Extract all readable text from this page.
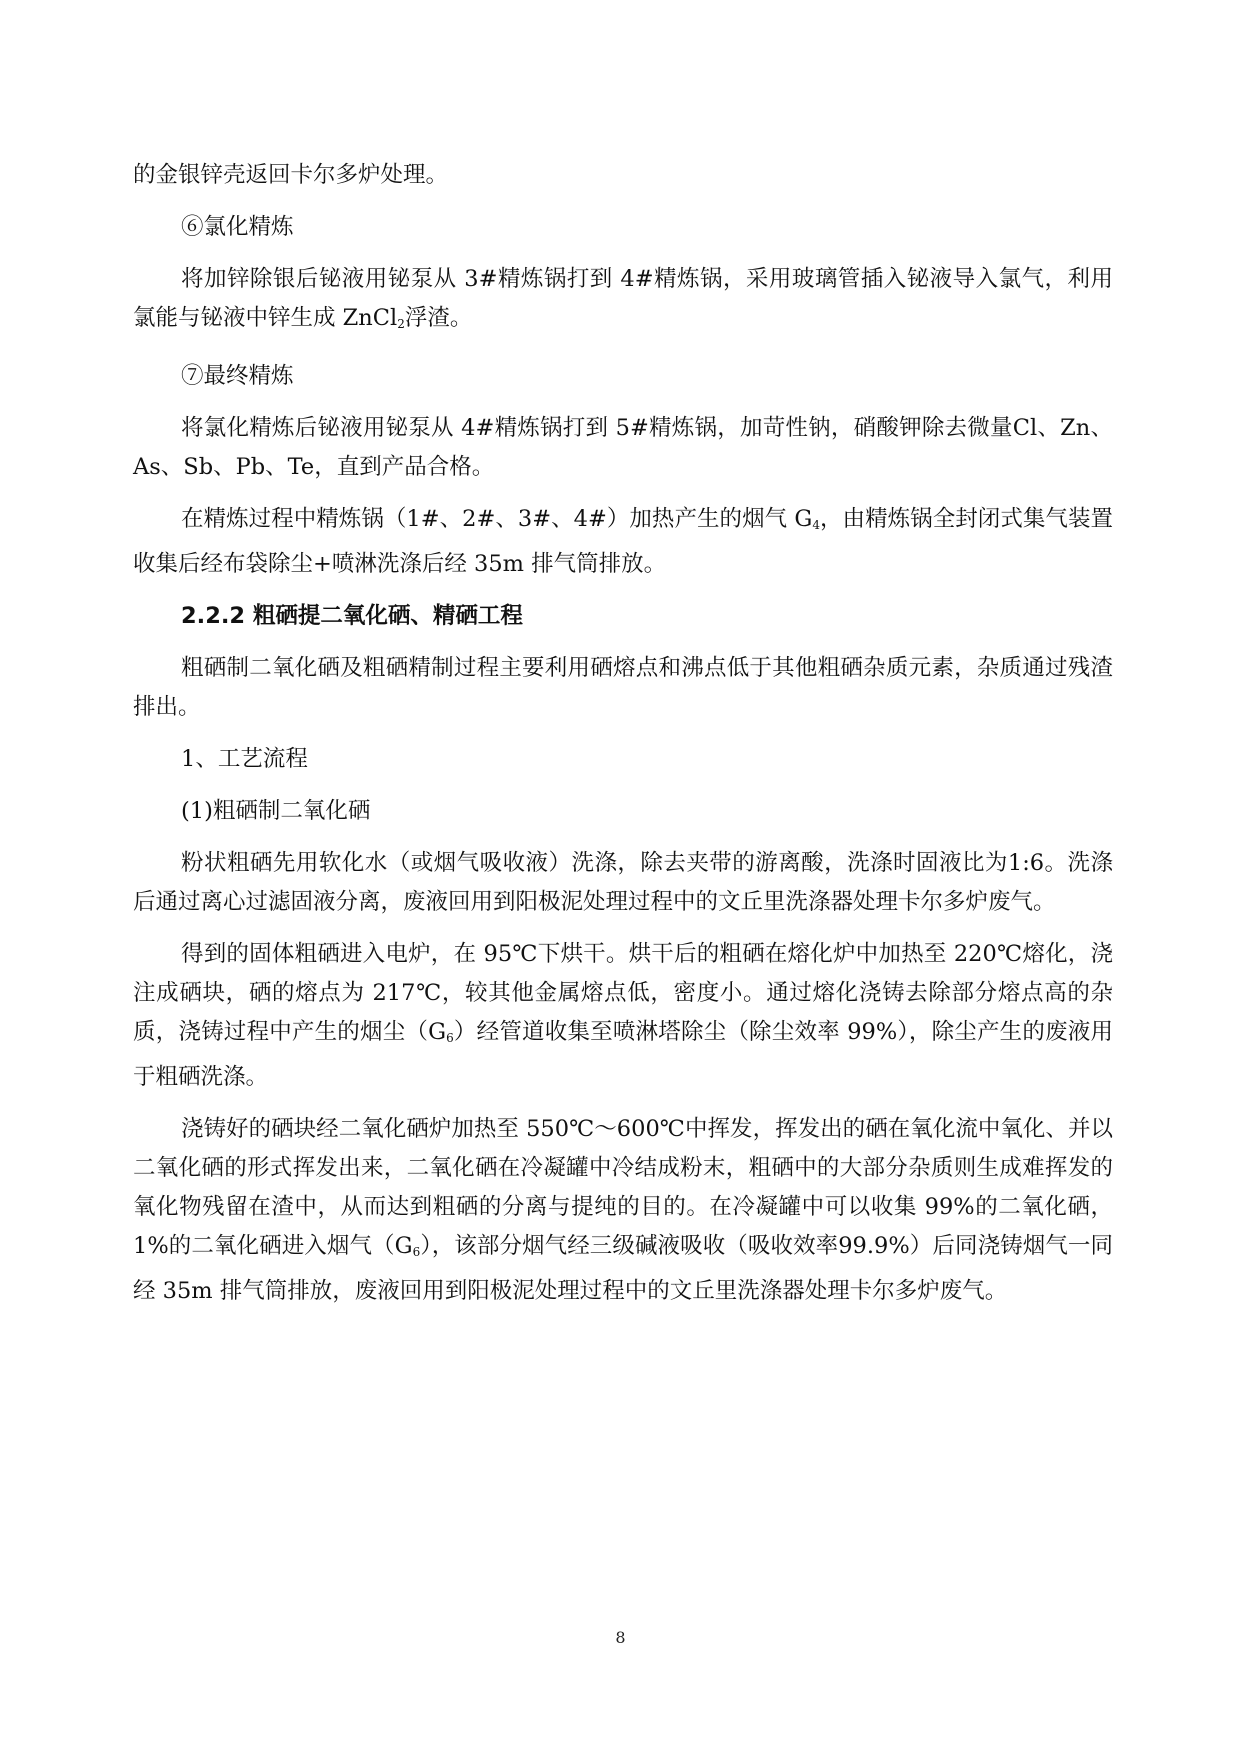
的金银锌壳返回卡尔多炉处理。

⑥氯化精炼

将加锌除银后铋液用铋泵从 3#精炼锅打到 4#精炼锅，采用玻璃管插入铋液导入氯气，利用氯能与铋液中锌生成 ZnCl$_2$浮渣。

⑦最终精炼

将氯化精炼后铋液用铋泵从 4#精炼锅打到 5#精炼锅，加苛性钠，硝酸钾除去微量Cl、Zn、As、Sb、Pb、Te，直到产品合格。

在精炼过程中精炼锅（1#、2#、3#、4#）加热产生的烟气 $G_4$，由精炼锅全封闭式集气装置收集后经布袋除尘+喷淋洗涤后经 35m 排气筒排放。

2.2.2 粗硒提二氧化硒、精硒工程

粗硒制二氧化硒及粗硒精制过程主要利用硒熔点和沸点低于其他粗硒杂质元素，杂质通过残渣排出。

1、工艺流程

(1)粗硒制二氧化硒

粉状粗硒先用软化水（或烟气吸收液）洗涤，除去夹带的游离酸，洗涤时固液比为1:6。洗涤后通过离心过滤固液分离，废液回用到阳极泥处理过程中的文丘里洗涤器处理卡尔多炉废气。

得到的固体粗硒进入电炉，在 95℃下烘干。烘干后的粗硒在熔化炉中加热至 220℃熔化，浇注成硒块，硒的熔点为 217℃，较其他金属熔点低，密度小。通过熔化浇铸去除部分熔点高的杂质，浇铸过程中产生的烟尘$(G_6)$经管道收集至喷淋塔除尘（除尘效率 99%），除尘产生的废液用于粗硒洗涤。

浇铸好的硒块经二氧化硒炉加热至 550℃～600℃中挥发，挥发出的硒在氧化流中氧化、并以二氧化硒的形式挥发出来，二氧化硒在冷凝罐中冷结成粉末，粗硒中的大部分杂质则生成难挥发的氧化物残留在渣中，从而达到粗硒的分离与提纯的目的。在冷凝罐中可以收集 99%的二氧化硒，1%的二氧化硒进入烟气$(G_6)$，该部分烟气经三级碱液吸收（吸收效率99.9%）后同浇铸烟气一同经 35m 排气筒排放，废液回用到阳极泥处理过程中的文丘里洗涤器处理卡尔多炉废气。

8
